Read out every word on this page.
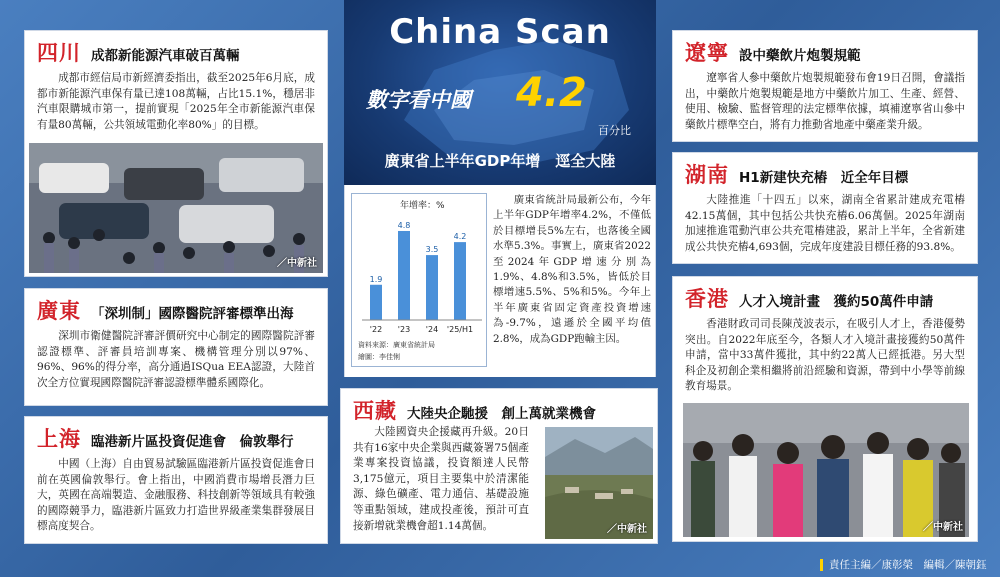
四川 成都新能源汽車破百萬輛
成都市經信局市新經濟委指出，截至2025年6月底，成都市新能源汽車保有量已達108萬輛，占比15.1%，穩居非汽車限購城市第一，提前實現「2025年全市新能源汽車保有量80萬輛，公共領域電動化率80%」的目標。
／中新社
廣東 「深圳制」國際醫院評審標準出海
深圳市衛健醫院評審評價研究中心制定的國際醫院評審認證標準、評審員培訓專案、機構管理分別以97%、96%、96%的得分率，高分通過ISQua EEA認證，大陸首次全方位實現國際醫院評審認證標準體系國際化。
上海 臨港新片區投資促進會　倫敦舉行
中國（上海）自由貿易試驗區臨港新片區投資促進會日前在英國倫敦舉行。會上指出，中國消費市場增長潛力巨大，英國在高端製造、金融服務、科技創新等領域具有較強的國際競爭力，臨港新片區致力打造世界級產業集群發展目標高度契合。
China Scan
數字看中國 4.2
百分比
廣東省上半年GDP年增　逕全大陸
年增率：%
1.9
'22
4.8
'23
3.5
'24
4.2
'25/H1
資料來源：廣東省統計局
繪圖：李佳悧
廣東省統計局最新公布，今年上半年GDP年增率4.2%，不僅低於目標增長5%左右，也落後全國水準5.3%。事實上，廣東省2022至2024年GDP增速分別為1.9%、4.8%和3.5%，皆低於目標增速5.5%、5%和5%。今年上半年廣東省固定資產投資增速為-9.7%，遠遜於全國平均值2.8%，成為GDP跑輸主因。
西藏 大陸央企馳援　創上萬就業機會
大陸國資央企援藏再升級。20日共有16家中央企業與西藏簽署75個產業專案投資協議，投資額達人民幣3,175億元，項目主要集中於清潔能源、綠色礦產、電力通信、基礎設施等重點領域，建成投產後，預計可直接新增就業機會超1.14萬個。	／中新社
遼寧 設中藥飲片炮製規範
遼寧省人參中藥飲片炮製規範發布會19日召開，會議指出，中藥飲片炮製規範是地方中藥飲片加工、生產、經營、使用、檢驗、監督管理的法定標準依據，填補遼寧省山參中藥飲片標準空白，將有力推動省地產中藥產業升級。
湖南 H1新建快充樁　近全年目標
大陸推進「十四五」以來，湖南全省累計建成充電樁42.15萬個，其中包括公共快充樁6.06萬個。2025年湖南加速推進電動汽車公共充電樁建設，累計上半年，全省新建成公共快充樁4,693個，完成年度建設目標任務的93.8%。
香港 人才入境計畫　獲約50萬件申請
香港財政司司長陳茂波表示，在吸引人才上，香港優勢突出。自2022年底至今，各類人才入境計畫接獲約50萬件申請，當中33萬件獲批，其中約22萬人已經抵港。另大型科企及初創企業相繼將前沿經驗和資源，帶到中小學等前線教育場景。
／中新社
責任主編／康彰榮　編輯／陳朝鈺
